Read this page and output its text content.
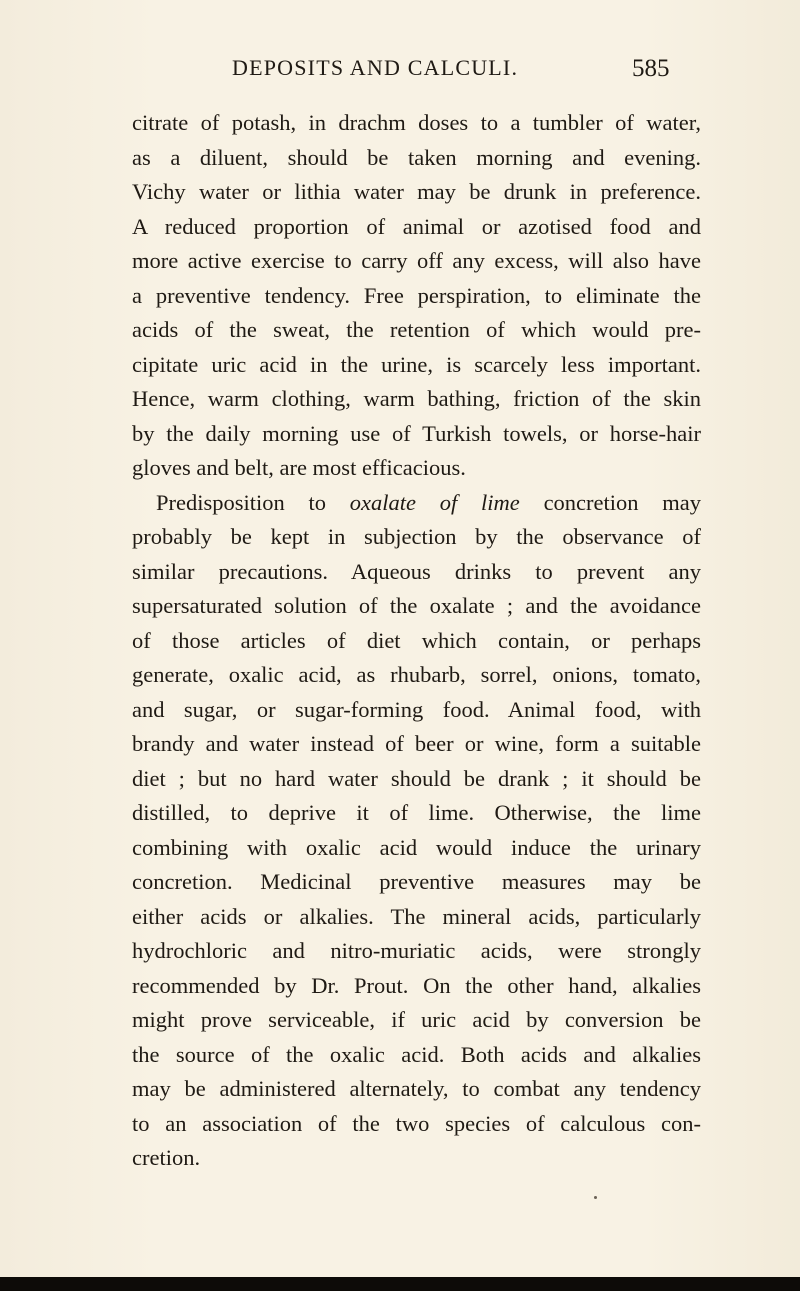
DEPOSITS AND CALCULI.	585
citrate of potash, in drachm doses to a tumbler of water,
as a diluent, should be taken morning and evening.
Vichy water or lithia water may be drunk in preference.
A reduced proportion of animal or azotised food and
more active exercise to carry off any excess, will also have
a preventive tendency. Free perspiration, to eliminate the
acids of the sweat, the retention of which would pre-
cipitate uric acid in the urine, is scarcely less important.
Hence, warm clothing, warm bathing, friction of the skin
by the daily morning use of Turkish towels, or horse-hair
gloves and belt, are most efficacious.
Predisposition to oxalate of lime concretion may
probably be kept in subjection by the observance of
similar precautions. Aqueous drinks to prevent any
supersaturated solution of the oxalate ; and the avoidance
of those articles of diet which contain, or perhaps
generate, oxalic acid, as rhubarb, sorrel, onions, tomato,
and sugar, or sugar-forming food. Animal food, with
brandy and water instead of beer or wine, form a suitable
diet ; but no hard water should be drank ; it should be
distilled, to deprive it of lime. Otherwise, the lime
combining with oxalic acid would induce the urinary
concretion. Medicinal preventive measures may be
either acids or alkalies. The mineral acids, particularly
hydrochloric and nitro-muriatic acids, were strongly
recommended by Dr. Prout. On the other hand, alkalies
might prove serviceable, if uric acid by conversion be
the source of the oxalic acid. Both acids and alkalies
may be administered alternately, to combat any tendency
to an association of the two species of calculous con-
cretion.
